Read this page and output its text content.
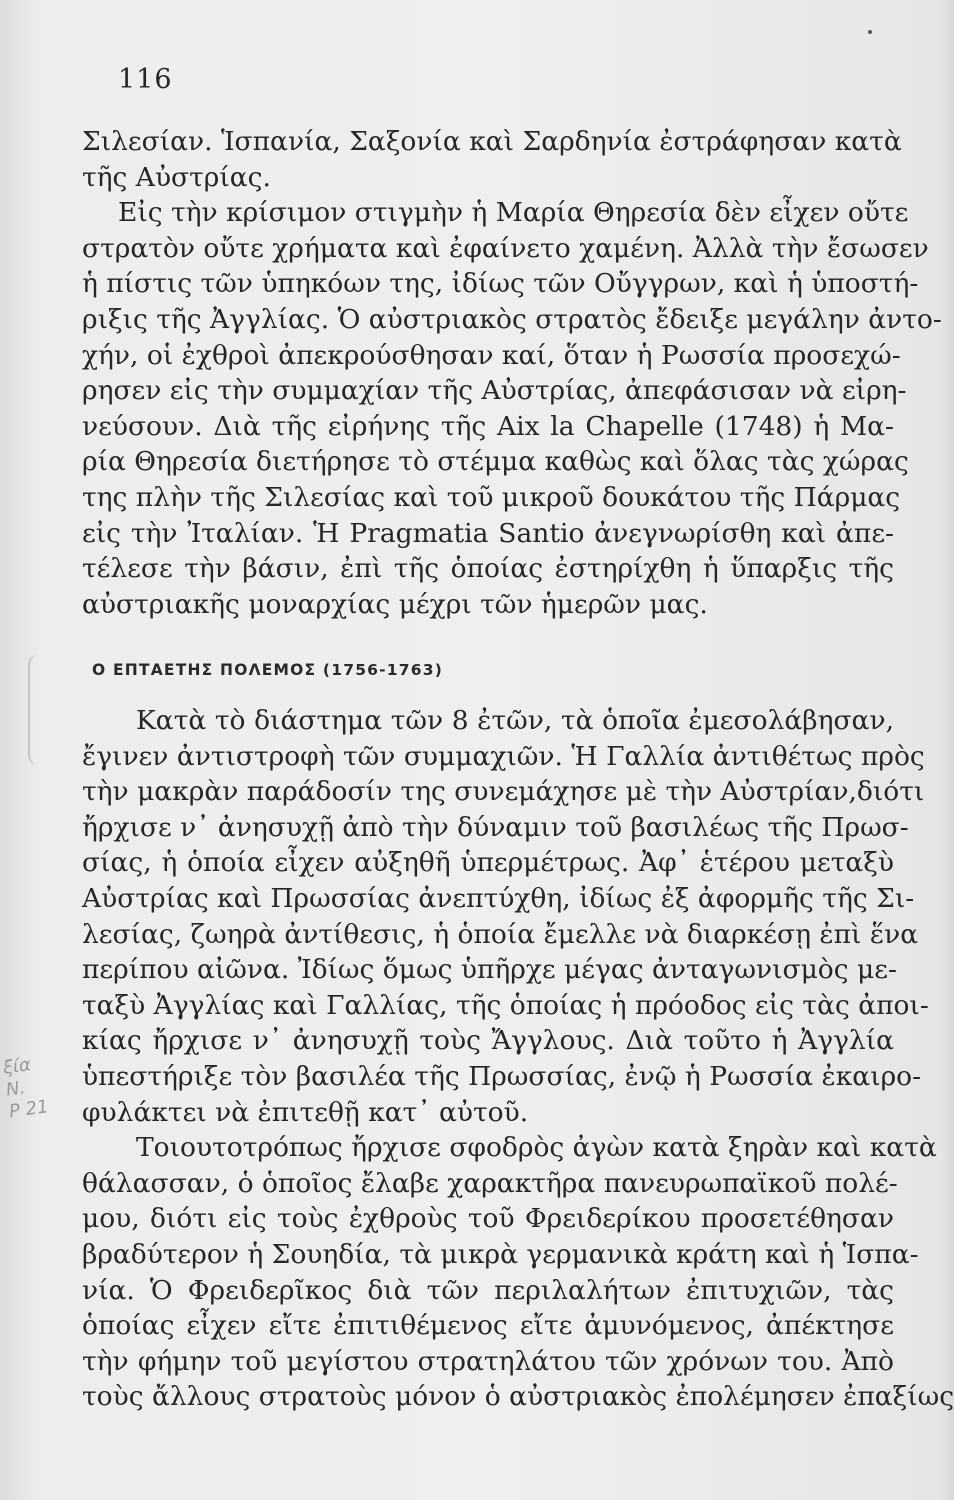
116
Σιλεσίαν. Ἱσπανία, Σαξονία καὶ Σαρδηνία ἐστράφησαν κατὰ
τῆς Αὐστρίας.
Εἰς τὴν κρίσιμον στιγμὴν ἡ Μαρία Θηρεσία δὲν εἶχεν οὔτε
στρατὸν οὔτε χρήματα καὶ ἐφαίνετο χαμένη. Ἀλλὰ τὴν ἔσωσεν
ἡ πίστις τῶν ὑπηκόων της, ἰδίως τῶν Οὔγγρων, καὶ ἡ ὑποστή-
ριξις τῆς Ἀγγλίας. Ὁ αὐστριακὸς στρατὸς ἔδειξε μεγάλην ἀντο-
χήν, οἱ ἐχθροὶ ἀπεκρούσθησαν καί, ὅταν ἡ Ρωσσία προσεχώ-
ρησεν εἰς τὴν συμμαχίαν τῆς Αὐστρίας, ἀπεφάσισαν νὰ εἰρη-
νεύσουν. Διὰ τῆς εἰρήνης τῆς Aix la Chapelle (1748) ἡ Μα-
ρία Θηρεσία διετήρησε τὸ στέμμα καθὼς καὶ ὅλας τὰς χώρας
της πλὴν τῆς Σιλεσίας καὶ τοῦ μικροῦ δουκάτου τῆς Πάρμας
εἰς τὴν Ἰταλίαν. Ἡ Pragmatia Santio ἀνεγνωρίσθη καὶ ἀπε-
τέλεσε τὴν βάσιν, ἐπὶ τῆς ὁποίας ἐστηρίχθη ἡ ὕπαρξις τῆς
αὐστριακῆς μοναρχίας μέχρι τῶν ἡμερῶν μας.
Ο ΕΠΤΑΕΤΗΣ ΠΟΛΕΜΟΣ (1756-1763)
Κατὰ τὸ διάστημα τῶν 8 ἐτῶν, τὰ ὁποῖα ἐμεσολάβησαν,
ἔγινεν ἀντιστροφὴ τῶν συμμαχιῶν. Ἡ Γαλλία ἀντιθέτως πρὸς
τὴν μακρὰν παράδοσίν της συνεμάχησε μὲ τὴν Αὐστρίαν,διότι
ἤρχισε ν᾽ ἀνησυχῇ ἀπὸ τὴν δύναμιν τοῦ βασιλέως τῆς Πρωσ-
σίας, ἡ ὁποία εἶχεν αὐξηθῆ ὑπερμέτρως. Ἀφ᾽ ἑτέρου μεταξὺ
Αὐστρίας καὶ Πρωσσίας ἀνεπτύχθη, ἰδίως ἐξ ἀφορμῆς τῆς Σι-
λεσίας, ζωηρὰ ἀντίθεσις, ἡ ὁποία ἔμελλε νὰ διαρκέσῃ ἐπὶ ἕνα
περίπου αἰῶνα. Ἰδίως ὅμως ὑπῆρχε μέγας ἀνταγωνισμὸς με-
ταξὺ Ἀγγλίας καὶ Γαλλίας, τῆς ὁποίας ἡ πρόοδος εἰς τὰς ἀποι-
κίας ἤρχισε ν᾽ ἀνησυχῇ τοὺς Ἄγγλους. Διὰ τοῦτο ἡ Ἀγγλία
ὑπεστήριξε τὸν βασιλέα τῆς Πρωσσίας, ἐνῷ ἡ Ρωσσία ἐκαιρο-
φυλάκτει νὰ ἐπιτεθῇ κατ᾽ αὐτοῦ.
Τοιουτοτρόπως ἤρχισε σφοδρὸς ἀγὼν κατὰ ξηρὰν καὶ κατὰ
θάλασσαν, ὁ ὁποῖος ἔλαβε χαρακτῆρα πανευρωπαϊκοῦ πολέ-
μου, διότι εἰς τοὺς ἐχθροὺς τοῦ Φρειδερίκου προσετέθησαν
βραδύτερον ἡ Σουηδία, τὰ μικρὰ γερμανικὰ κράτη καὶ ἡ Ἱσπα-
νία. Ὁ Φρειδερῖκος διὰ τῶν περιλαλήτων ἐπιτυχιῶν, τὰς
ὁποίας εἶχεν εἴτε ἐπιτιθέμενος εἴτε ἀμυνόμενος, ἀπέκτησε
τὴν φήμην τοῦ μεγίστου στρατηλάτου τῶν χρόνων του. Ἀπὸ
τοὺς ἄλλους στρατοὺς μόνον ὁ αὐστριακὸς ἐπολέμησεν ἐπαξίως
ξία
N.
P 21
